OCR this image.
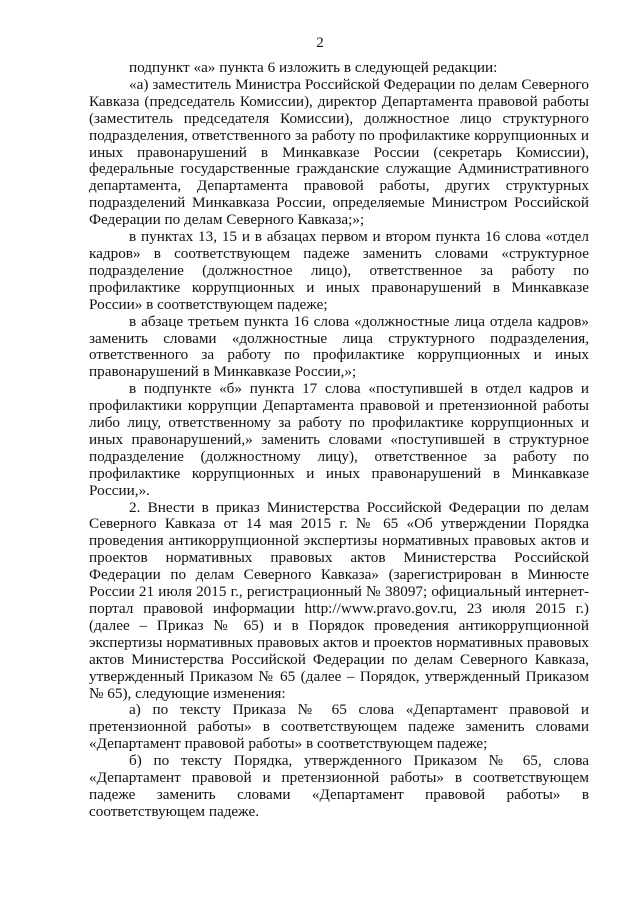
2

подпункт «а» пункта 6 изложить в следующей редакции:

«а) заместитель Министра Российской Федерации по делам Северного Кавказа (председатель Комиссии), директор Департамента правовой работы (заместитель председателя Комиссии), должностное лицо структурного подразделения, ответственного за работу по профилактике коррупционных и иных правонарушений в Минкавказе России (секретарь Комиссии), федеральные государственные гражданские служащие Административного департамента, Департамента правовой работы, других структурных подразделений Минкавказа России, определяемые Министром Российской Федерации по делам Северного Кавказа;»;

в пунктах 13, 15 и в абзацах первом и втором пункта 16 слова «отдел кадров» в соответствующем падеже заменить словами «структурное подразделение (должностное лицо), ответственное за работу по профилактике коррупционных и иных правонарушений в Минкавказе России» в соответствующем падеже;

в абзаце третьем пункта 16 слова «должностные лица отдела кадров» заменить словами «должностные лица структурного подразделения, ответственного за работу по профилактике коррупционных и иных правонарушений в Минкавказе России,»;

в подпункте «б» пункта 17 слова «поступившей в отдел кадров и профилактики коррупции Департамента правовой и претензионной работы либо лицу, ответственному за работу по профилактике коррупционных и иных правонарушений,» заменить словами «поступившей в структурное подразделение (должностному лицу), ответственное за работу по профилактике коррупционных и иных правонарушений в Минкавказе России,».

2. Внести в приказ Министерства Российской Федерации по делам Северного Кавказа от 14 мая 2015 г. № 65 «Об утверждении Порядка проведения антикоррупционной экспертизы нормативных правовых актов и проектов нормативных правовых актов Министерства Российской Федерации по делам Северного Кавказа» (зарегистрирован в Минюсте России 21 июля 2015 г., регистрационный № 38097; официальный интернет-портал правовой информации http://www.pravo.gov.ru, 23 июля 2015 г.) (далее – Приказ № 65) и в Порядок проведения антикоррупционной экспертизы нормативных правовых актов и проектов нормативных правовых актов Министерства Российской Федерации по делам Северного Кавказа, утвержденный Приказом № 65 (далее – Порядок, утвержденный Приказом № 65), следующие изменения:

а) по тексту Приказа № 65 слова «Департамент правовой и претензионной работы» в соответствующем падеже заменить словами «Департамент правовой работы» в соответствующем падеже;

б) по тексту Порядка, утвержденного Приказом № 65, слова «Департамент правовой и претензионной работы» в соответствующем падеже заменить словами «Департамент правовой работы» в соответствующем падеже.
